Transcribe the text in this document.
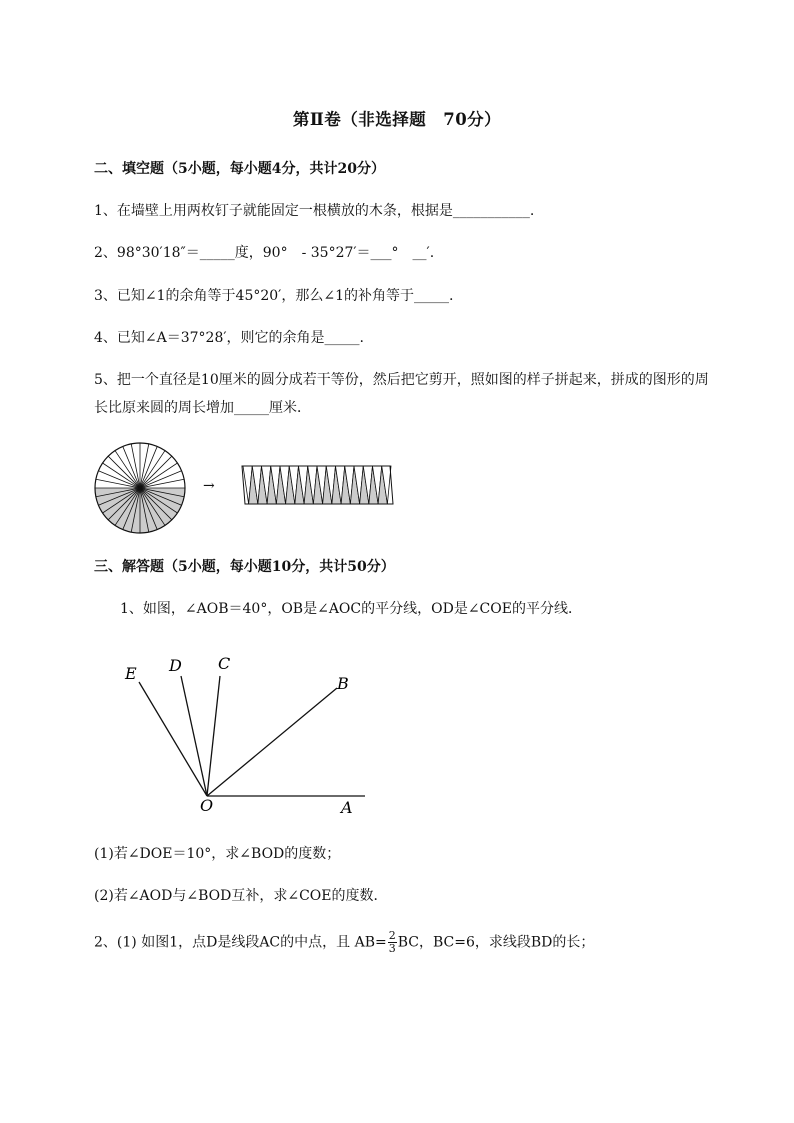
第Ⅱ卷（非选择题　70分）
二、填空题（5小题，每小题4分，共计20分）
1、在墙壁上用两枚钉子就能固定一根横放的木条，根据是___________.
2、98°30′18″＝_____度，90°　- 35°27′＝___°　__′.
3、已知∠1的余角等于45°20′，那么∠1的补角等于_____.
4、已知∠A＝37°28′，则它的余角是_____.
5、把一个直径是10厘米的圆分成若干等份，然后把它剪开，照如图的样子拼起来，拼成的图形的周
长比原来圆的周长增加_____厘米．
→
三、解答题（5小题，每小题10分，共计50分）
1、如图，∠AOB＝40°，OB是∠AOC的平分线，OD是∠COE的平分线．
E D C
B
O	A
(1)若∠DOE＝10°，求∠BOD的度数；
(2)若∠AOD与∠BOD互补，求∠COE的度数．
2、(1) 如图1，点D是线段AC的中点，且 $AB= \frac{2}{3}$ BC，BC=6，求线段BD的长；
